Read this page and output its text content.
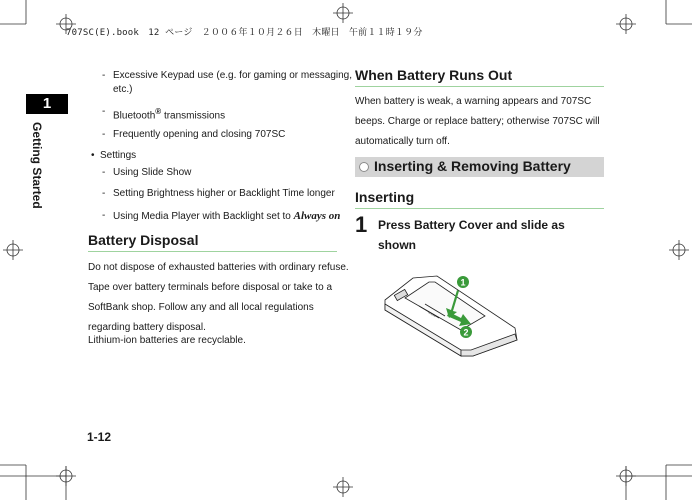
707SC(E).book　12 ページ　２００６年１０月２６日　木曜日　午前１１時１９分
1
Getting Started
- Excessive Keypad use (e.g. for gaming or messaging,
etc.)
- Bluetooth® transmissions
- Frequently opening and closing 707SC
• Settings
- Using Slide Show
- Setting Brightness higher or Backlight Time longer
- Using Media Player with Backlight set to Always on
Battery Disposal
Do not dispose of exhausted batteries with ordinary refuse.
Tape over battery terminals before disposal or take to a
SoftBank shop. Follow any and all local regulations
regarding battery disposal.
Lithium-ion batteries are recyclable.
When Battery Runs Out
When battery is weak, a warning appears and 707SC
beeps. Charge or replace battery; otherwise 707SC will
automatically turn off.
Inserting & Removing Battery
Inserting
1 Press Battery Cover and slide as shown
~~~
1
2
1-12
